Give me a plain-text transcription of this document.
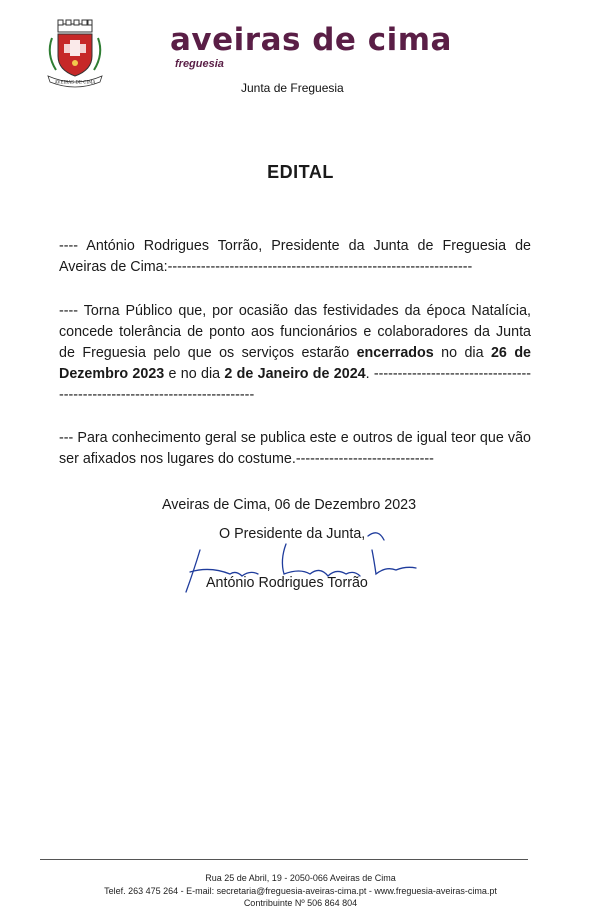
AVEIRAS DE CIMA
aveiras de cima
freguesia
Junta de Freguesia
EDITAL
---- António Rodrigues Torrão, Presidente da Junta de Freguesia de Aveiras de Cima:----------------------------------------------------------------
---- Torna Público que, por ocasião das festividades da época Natalícia, concede tolerância de ponto aos funcionários e colaboradores da Junta de Freguesia pelo que os serviços estarão encerrados no dia 26 de Dezembro 2023 e no dia 2 de Janeiro de 2024. --------------------------------------------------------------------------
--- Para conhecimento geral se publica este e outros de igual teor que vão ser afixados nos lugares do costume.-----------------------------
Aveiras de Cima, 06 de Dezembro 2023
O Presidente da Junta,
António Rodrigues Torrão
Rua 25 de Abril, 19 - 2050-066 Aveiras de Cima
Telef. 263 475 264 - E-mail: secretaria@freguesia-aveiras-cima.pt - www.freguesia-aveiras-cima.pt
Contribuinte Nº 506 864 804
